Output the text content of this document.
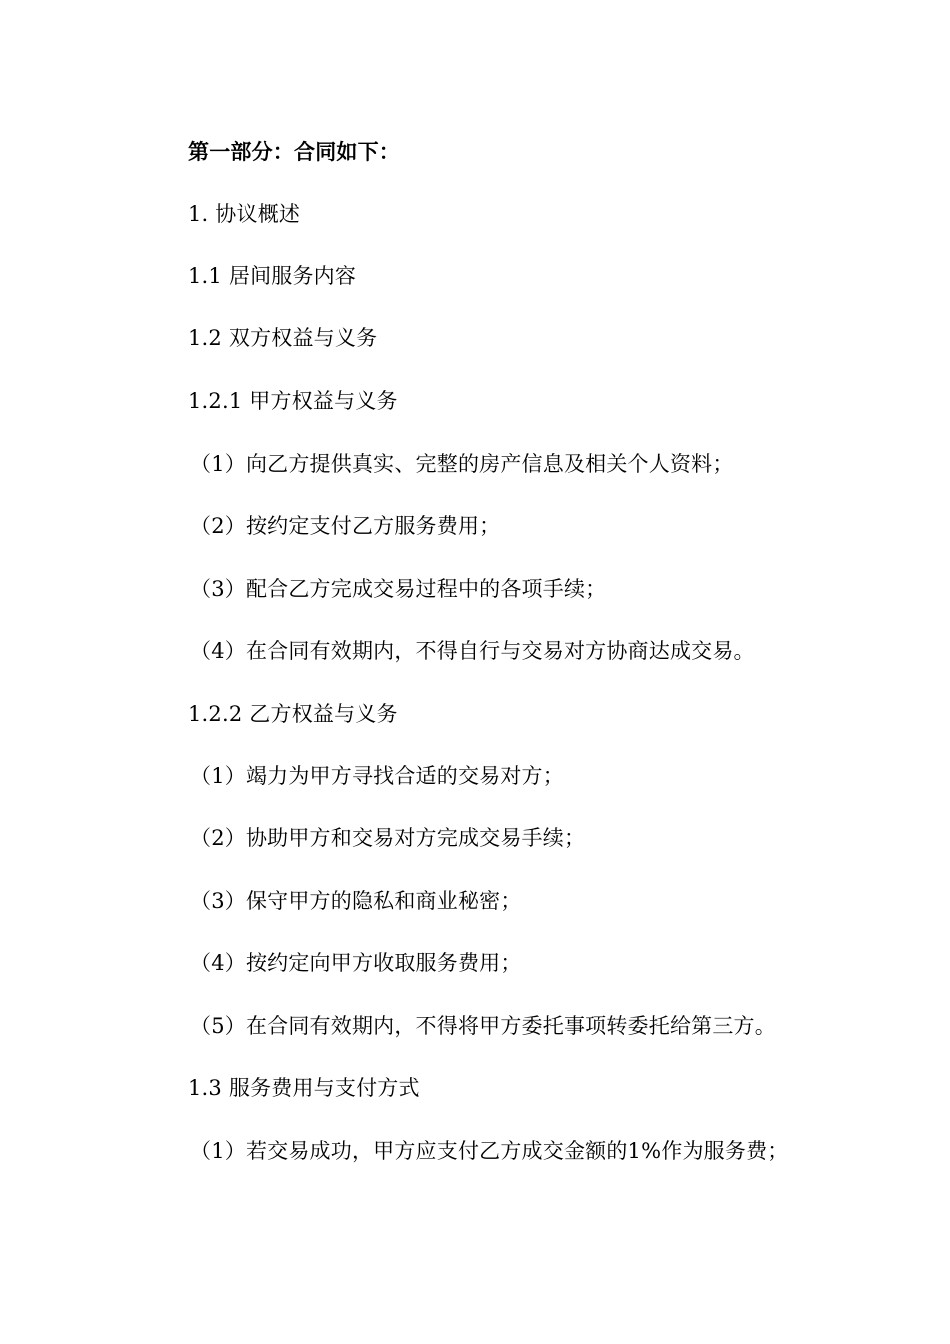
第一部分：合同如下：
1. 协议概述
1.1 居间服务内容
1.2 双方权益与义务
1.2.1 甲方权益与义务
（1）向乙方提供真实、完整的房产信息及相关个人资料；
（2）按约定支付乙方服务费用；
（3）配合乙方完成交易过程中的各项手续；
（4）在合同有效期内，不得自行与交易对方协商达成交易。
1.2.2 乙方权益与义务
（1）竭力为甲方寻找合适的交易对方；
（2）协助甲方和交易对方完成交易手续；
（3）保守甲方的隐私和商业秘密；
（4）按约定向甲方收取服务费用；
（5）在合同有效期内，不得将甲方委托事项转委托给第三方。
1.3 服务费用与支付方式
（1）若交易成功，甲方应支付乙方成交金额的1%作为服务费；
